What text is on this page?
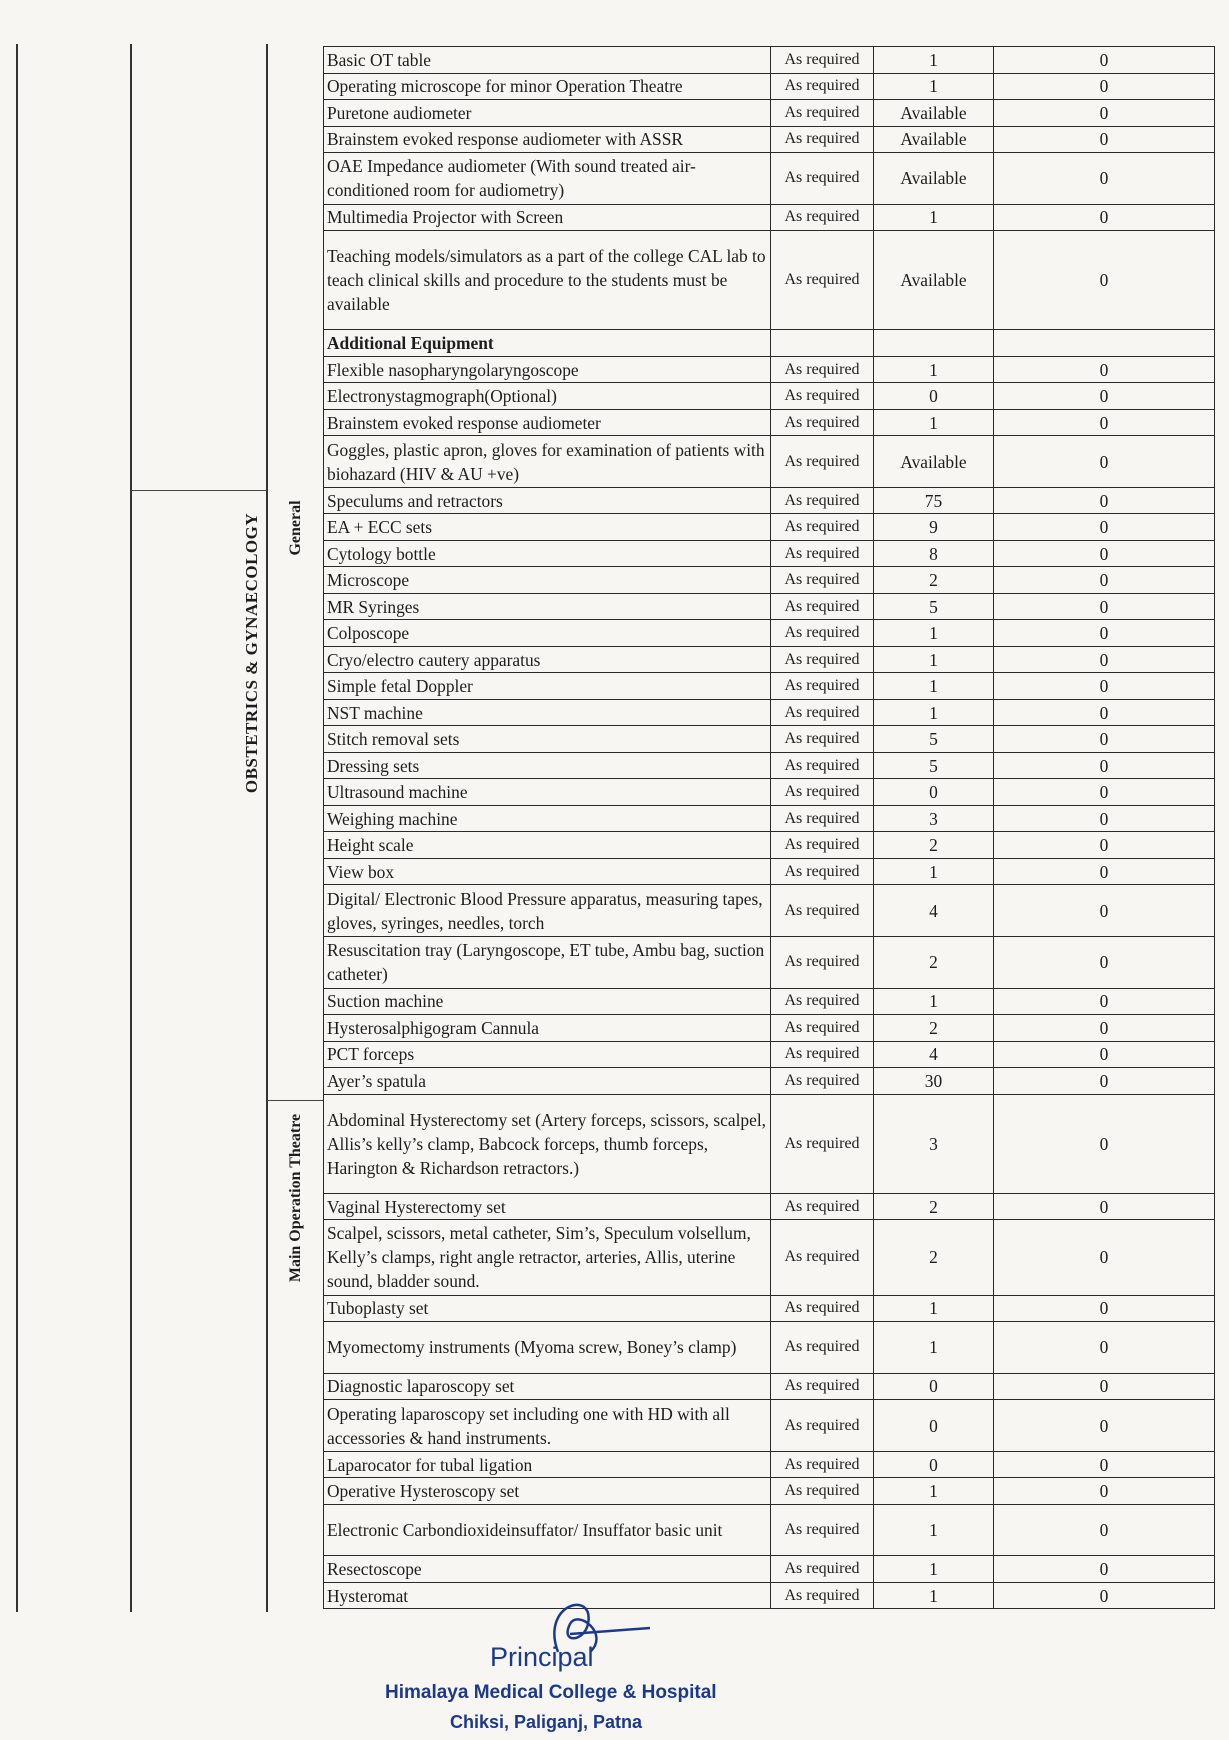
OBSTETRICS & GYNAECOLOGY General
Main Operation Theatre
Basic OT table	As required	1	0
Operating microscope for minor Operation Theatre	As required	1	0
Puretone audiometer	As required	Available	0
Brainstem evoked response audiometer with ASSR	As required	Available	0
OAE Impedance audiometer (With sound treated air-conditioned room for audiometry)	As required	Available	0
Multimedia Projector with Screen	As required	1	0
Teaching models/simulators as a part of the college CAL lab to teach clinical skills and procedure to the students must be available	As required	Available	0
Additional Equipment			
Flexible nasopharyngolaryngoscope	As required	1	0
Electronystagmograph(Optional)	As required	0	0
Brainstem evoked response audiometer	As required	1	0
Goggles, plastic apron, gloves for examination of patients with biohazard (HIV & AU +ve)	As required	Available	0
Speculums and retractors	As required	75	0
EA + ECC sets	As required	9	0
Cytology bottle	As required	8	0
Microscope	As required	2	0
MR Syringes	As required	5	0
Colposcope	As required	1	0
Cryo/electro cautery apparatus	As required	1	0
Simple fetal Doppler	As required	1	0
NST machine	As required	1	0
Stitch removal sets	As required	5	0
Dressing sets	As required	5	0
Ultrasound machine	As required	0	0
Weighing machine	As required	3	0
Height scale	As required	2	0
View box	As required	1	0
Digital/ Electronic Blood Pressure apparatus, measuring tapes, gloves, syringes, needles, torch	As required	4	0
Resuscitation tray (Laryngoscope, ET tube, Ambu bag, suction catheter)	As required	2	0
Suction machine	As required	1	0
Hysterosalphigogram Cannula	As required	2	0
PCT forceps	As required	4	0
Ayer’s spatula	As required	30	0
Abdominal Hysterectomy set (Artery forceps, scissors, scalpel, Allis’s kelly’s clamp, Babcock forceps, thumb forceps, Harington & Richardson retractors.)	As required	3	0
Vaginal Hysterectomy set	As required	2	0
Scalpel, scissors, metal catheter, Sim’s, Speculum volsellum, Kelly’s clamps, right angle retractor, arteries, Allis, uterine sound, bladder sound.	As required	2	0
Tuboplasty set	As required	1	0
Myomectomy instruments (Myoma screw, Boney’s clamp)	As required	1	0
Diagnostic laparoscopy set	As required	0	0
Operating laparoscopy set including one with HD with all accessories & hand instruments.	As required	0	0
Laparocator for tubal ligation	As required	0	0
Operative Hysteroscopy set	As required	1	0
Electronic Carbondioxideinsuffator/ Insuffator basic unit	As required	1	0
Resectoscope	As required	1	0
Hysteromat	As required	1	0
Principal
Himalaya Medical College & Hospital
Chiksi, Paliganj, Patna
